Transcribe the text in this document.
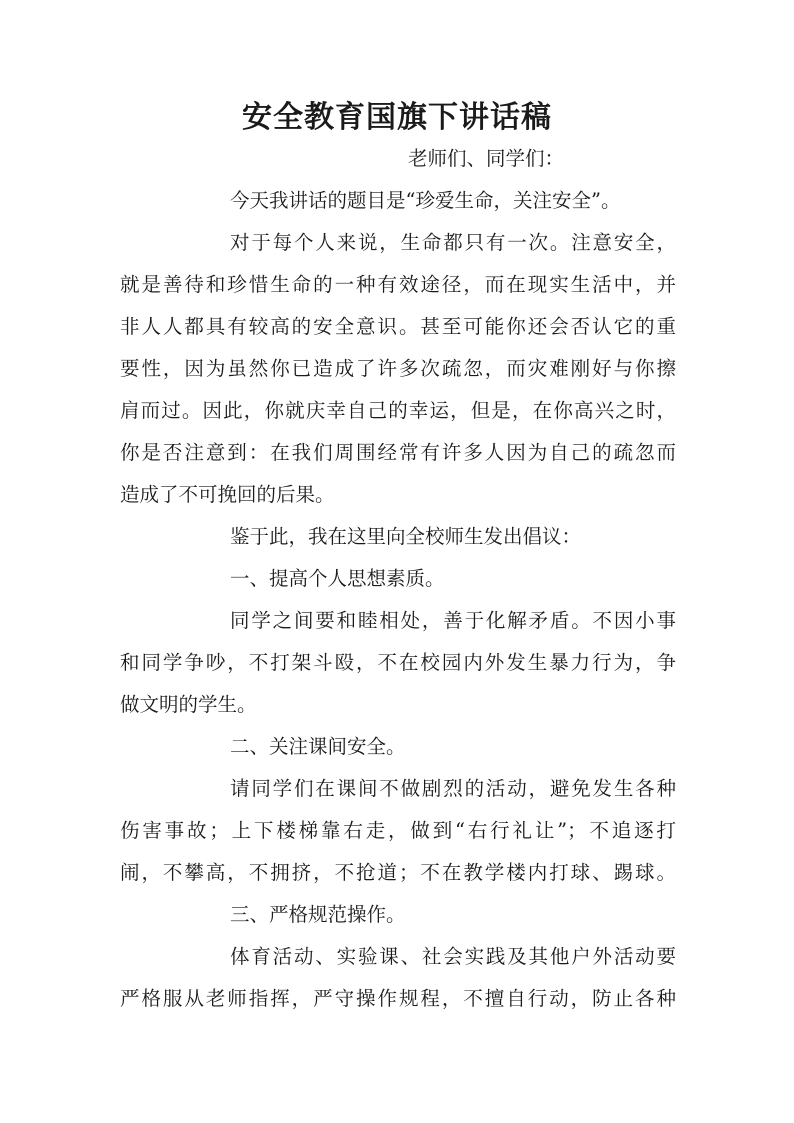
安全教育国旗下讲话稿
老师们、同学们：
今天我讲话的题目是“珍爱生命，关注安全”。
对于每个人来说，生命都只有一次。注意安全，
就是善待和珍惜生命的一种有效途径，而在现实生活中，并
非人人都具有较高的安全意识。甚至可能你还会否认它的重
要性，因为虽然你已造成了许多次疏忽，而灾难刚好与你擦
肩而过。因此，你就庆幸自己的幸运，但是，在你高兴之时，
你是否注意到：在我们周围经常有许多人因为自己的疏忽而
造成了不可挽回的后果。
鉴于此，我在这里向全校师生发出倡议：
一、提高个人思想素质。
同学之间要和睦相处，善于化解矛盾。不因小事
和同学争吵，不打架斗殴，不在校园内外发生暴力行为，争
做文明的学生。
二、关注课间安全。
请同学们在课间不做剧烈的活动，避免发生各种
伤害事故；上下楼梯靠右走，做到“右行礼让”；不追逐打
闹，不攀高，不拥挤，不抢道；不在教学楼内打球、踢球。
三、严格规范操作。
体育活动、实验课、社会实践及其他户外活动要
严格服从老师指挥，严守操作规程，不擅自行动，防止各种
